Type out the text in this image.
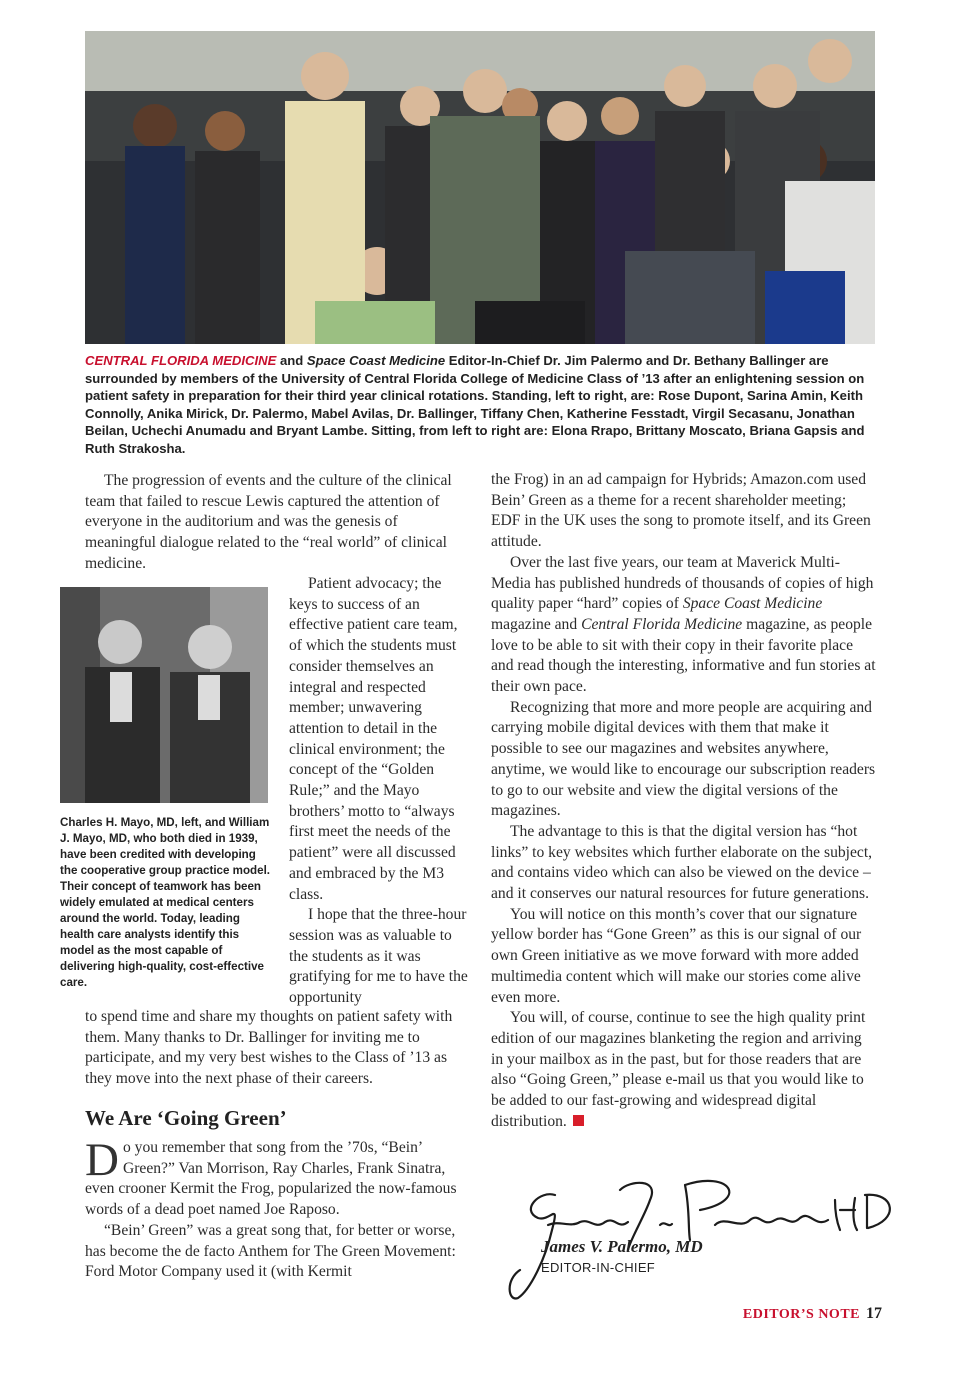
CENTRAL FLORIDA MEDICINE and Space Coast Medicine Editor-In-Chief Dr. Jim Palermo and Dr. Bethany Ballinger are surrounded by members of the University of Central Florida College of Medicine Class of ’13 after an enlightening session on patient safety in preparation for their third year clinical rotations. Standing, left to right, are: Rose Dupont, Sarina Amin, Keith Connolly, Anika Mirick, Dr. Palermo, Mabel Avilas, Dr. Ballinger, Tiffany Chen, Katherine Fesstadt, Virgil Secasanu, Jonathan Beilan, Uchechi Anumadu and Bryant Lambe. Sitting, from left to right are: Elona Rrapo, Brittany Moscato, Briana Gapsis and Ruth Strakosha.

The progression of events and the culture of the clinical team that failed to rescue Lewis captured the attention of everyone in the auditorium and was the genesis of meaningful dialogue related to the “real world” of clinical medicine.

Charles H. Mayo, MD, left, and William J. Mayo, MD, who both died in 1939, have been credited with developing the cooperative group practice model. Their concept of teamwork has been widely emulated at medical centers around the world. Today, leading health care analysts identify this model as the most capable of delivering high-quality, cost-effective care.

Patient advocacy; the keys to success of an effective patient care team, of which the students must consider themselves an integral and respected member; unwavering attention to detail in the clinical environment; the concept of the “Golden Rule;” and the Mayo brothers’ motto to “always first meet the needs of the patient” were all discussed and embraced by the M3 class.

I hope that the three-hour session was as valuable to the students as it was gratifying for me to have the opportunity

to spend time and share my thoughts on patient safety with them. Many thanks to Dr. Ballinger for inviting me to participate, and my very best wishes to the Class of ’13 as they move into the next phase of their careers.

We Are ‘Going Green’

Do you remember that song from the ’70s, “Bein’ Green?” Van Morrison, Ray Charles, Frank Sinatra, even crooner Kermit the Frog, popularized the now-famous words of a dead poet named Joe Raposo.

“Bein’ Green” was a great song that, for better or worse, has become the de facto Anthem for The Green Movement: Ford Motor Company used it (with Kermit

the Frog) in an ad campaign for Hybrids; Amazon.com used Bein’ Green as a theme for a recent shareholder meeting; EDF in the UK uses the song to promote itself, and its Green attitude.

Over the last five years, our team at Maverick Multi-Media has published hundreds of thousands of copies of high quality paper “hard” copies of Space Coast Medicine magazine and Central Florida Medicine magazine, as people love to be able to sit with their copy in their favorite place and read though the interesting, informative and fun stories at their own pace.

Recognizing that more and more people are acquiring and carrying mobile digital devices with them that make it possible to see our magazines and websites anywhere, anytime, we would like to encourage our subscription readers to go to our website and view the digital versions of the magazines.

The advantage to this is that the digital version has “hot links” to key websites which further elaborate on the subject, and contains video which can also be viewed on the device – and it conserves our natural resources for future generations.

You will notice on this month’s cover that our signature yellow border has “Gone Green” as this is our signal of our own Green initiative as we move forward with more added multimedia content which will make our stories come alive even more.

You will, of course, continue to see the high quality print edition of our magazines blanketing the region and arriving in your mailbox as in the past, but for those readers that are also “Going Green,” please e-mail us that you would like to be added to our fast-growing and widespread digital distribution.

James V. Palermo, MD
EDITOR-IN-CHIEF
EDITOR’S NOTE 17
